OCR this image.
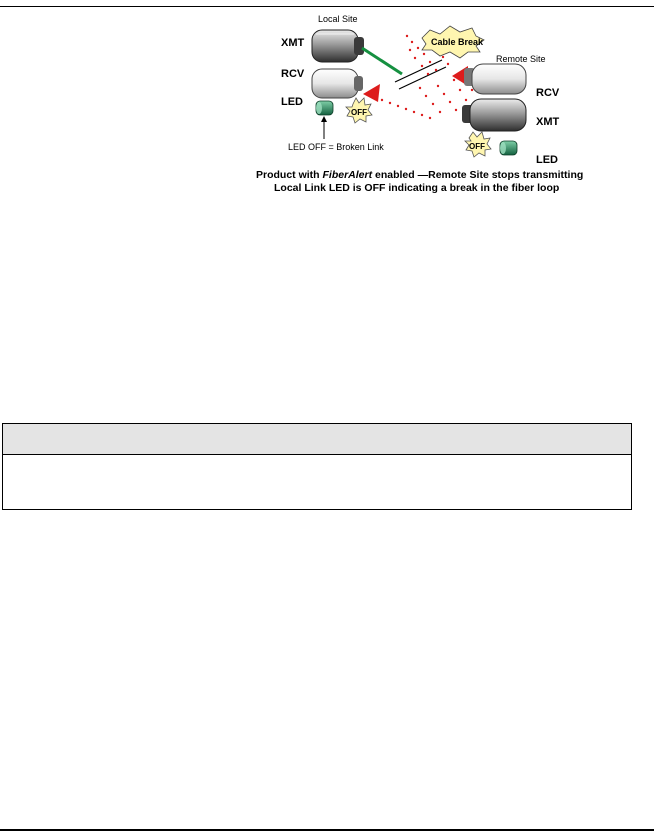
Local Site
XMT
RCV
LED
OFF
LED OFF = Broken Link
Cable Break
Remote Site
RCV
XMT
OFF
LED
Product with FiberAlert enabled —Remote Site stops transmitting
Local Link LED is OFF indicating a break in the fiber loop
